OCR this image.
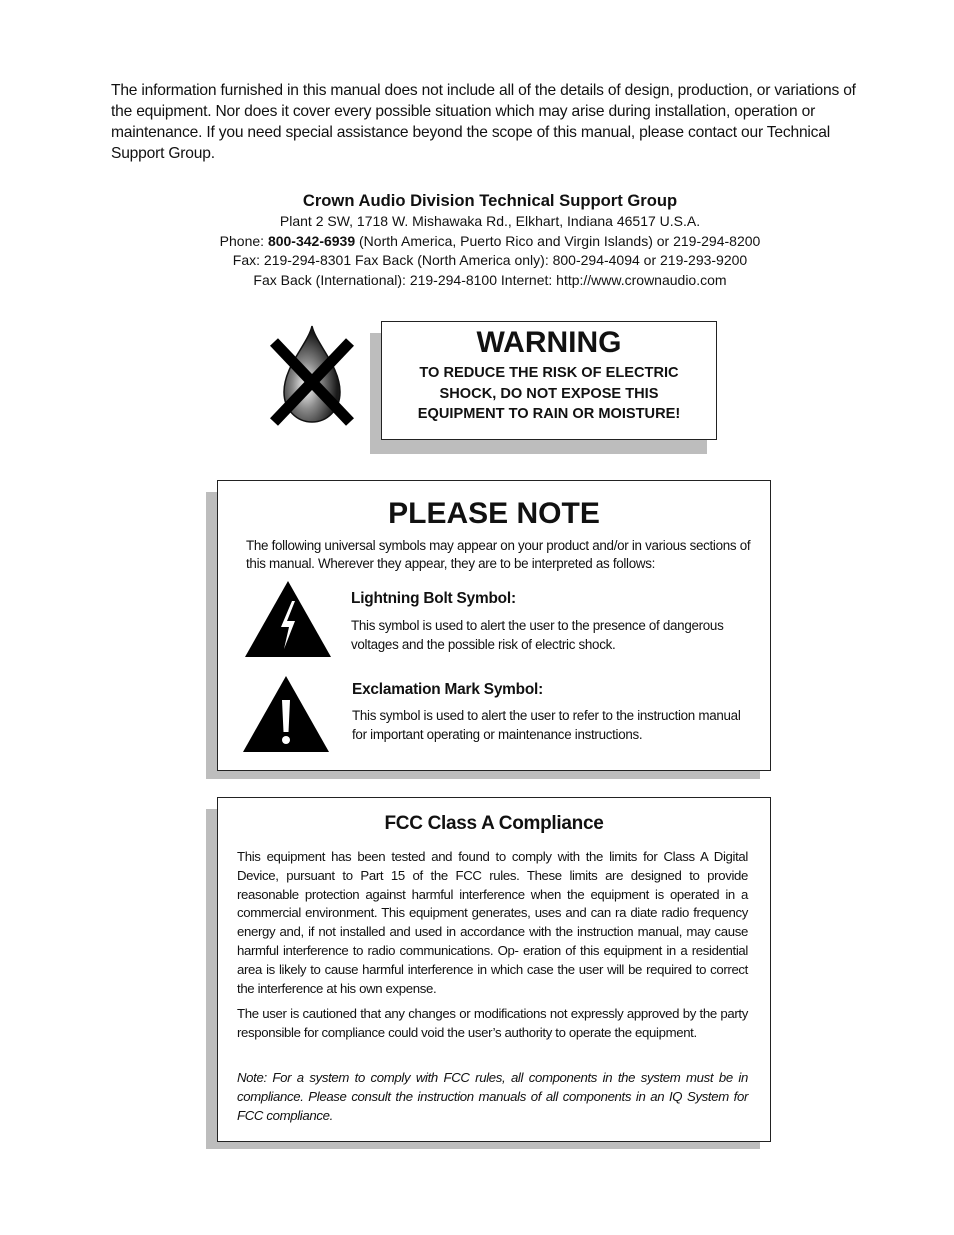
The information furnished in this manual does not include all of the details of design, production, or variations of the equipment. Nor does it cover every possible situation which may arise during installation, operation or maintenance. If you need special assistance beyond the scope of this manual, please contact our Technical Support Group.

Crown Audio Division Technical Support Group
Plant 2 SW, 1718 W. Mishawaka Rd., Elkhart, Indiana 46517 U.S.A.
Phone: 800-342-6939 (North America, Puerto Rico and Virgin Islands) or 219-294-8200
Fax: 219-294-8301 Fax Back (North America only): 800-294-4094 or 219-293-9200
Fax Back (International): 219-294-8100 Internet: http://www.crownaudio.com
WARNING
TO REDUCE THE RISK OF ELECTRIC
SHOCK, DO NOT EXPOSE THIS
EQUIPMENT TO RAIN OR MOISTURE!
PLEASE NOTE
The following universal symbols may appear on your product and/or in various sections of this manual. Wherever they appear, they are to be interpreted as follows:
Lightning Bolt Symbol:
This symbol is used to alert the user to the presence of dangerous voltages and the possible risk of electric shock.
Exclamation Mark Symbol:
This symbol is used to alert the user to refer to the instruction manual for important operating or maintenance instructions.
FCC Class A Compliance

This equipment has been tested and found to comply with the limits for Class A Digital Device, pursuant to Part 15 of the FCC rules. These limits are designed to provide reasonable protection against harmful interference when the equipment is operated in a commercial environment. This equipment generates, uses and can ra diate radio frequency energy and, if not installed and used in accordance with the instruction manual, may cause harmful interference to radio communications. Op- eration of this equipment in a residential area is likely to cause harmful interference in which case the user will be required to correct the interference at his own expense.

The user is cautioned that any changes or modifications not expressly approved by the party responsible for compliance could void the user’s authority to operate the equipment.

Note: For a system to comply with FCC rules, all components in the system must be in compliance. Please consult the instruction manuals of all components in an IQ System for FCC compliance.
